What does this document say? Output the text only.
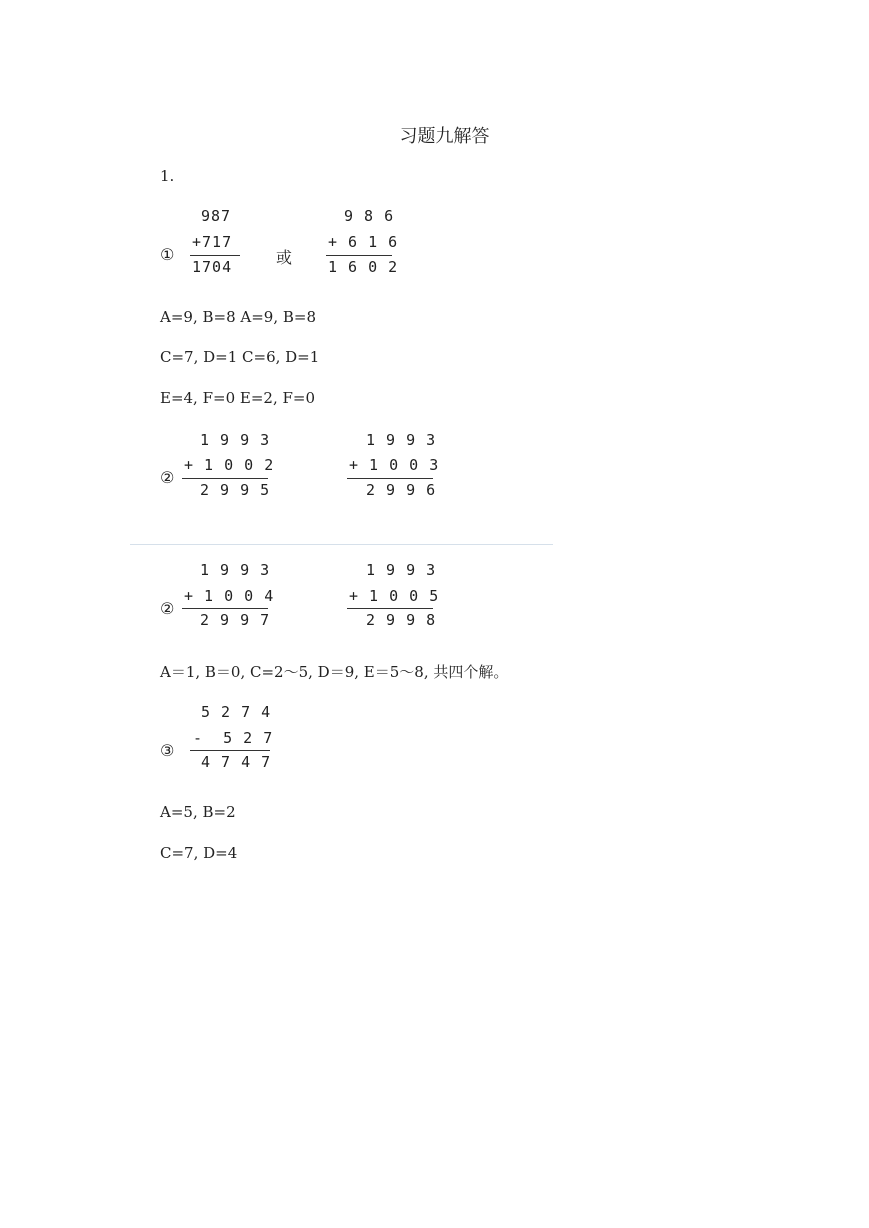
习题九解答
1.
①
987
+717
1704	或
9 8 6
+ 6 1 6
1 6 0 2
A=9, B=8 A=9, B=8
C=7, D=1 C=6, D=1
E=4, F=0 E=2, F=0
②
1 9 9 3
+ 1 0 0 2
2 9 9 5
1 9 9 3
+ 1 0 0 3
2 9 9 6
②
1 9 9 3
+ 1 0 0 4
2 9 9 7
1 9 9 3
+ 1 0 0 5
2 9 9 8
A＝1, B＝0, C=2～5, D＝9, E＝5～8, 共四个解。
③
5 2 7 4
-  5 2 7
4 7 4 7
A=5, B=2
C=7, D=4
